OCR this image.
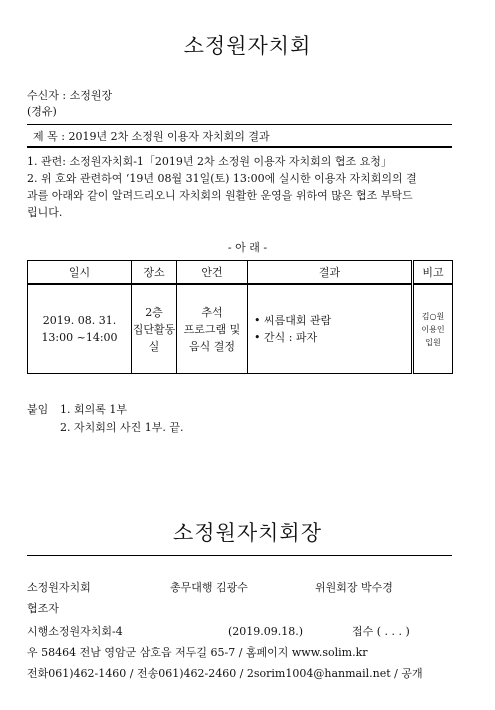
소정원자치회
수신자 : 소정원장
(경유)
제 목 : 2019년 2차 소정원 이용자 자치회의 결과
1. 관련: 소정원자치회-1「2019년 2차 소정원 이용자 자치회의 협조 요청」
2. 위 호와 관련하여 ‘19년 08월 31일(토) 13:00에 실시한 이용자 자치회의의 결
과를 아래와 같이 알려드리오니 자치회의 원활한 운영을 위하여 많은 협조 부탁드
립니다.
- 아 래 -
일시	장소	안건	결과	비고

2019. 08. 31.
13:00 ~14:00	2층
집단활동실	추석
프로그램 및
음식 결정	• 씨름대회 관람
• 간식 : 파자	김○원
이용인
입원
붙임 1. 회의록 1부
2. 자치회의 사진 1부. 끝.
소정원자치회장
소정원자치회	총무대행 김광수	위원회장 박수경
협조자
시행소정원자치회-4	(2019.09.18.)	접수 ( . . . )
우 58464 전남 영암군 삼호읍 저두길 65-7 / 홈페이지 www.solim.kr
전화061)462-1460 / 전송061)462-2460 / 2sorim1004@hanmail.net / 공개
